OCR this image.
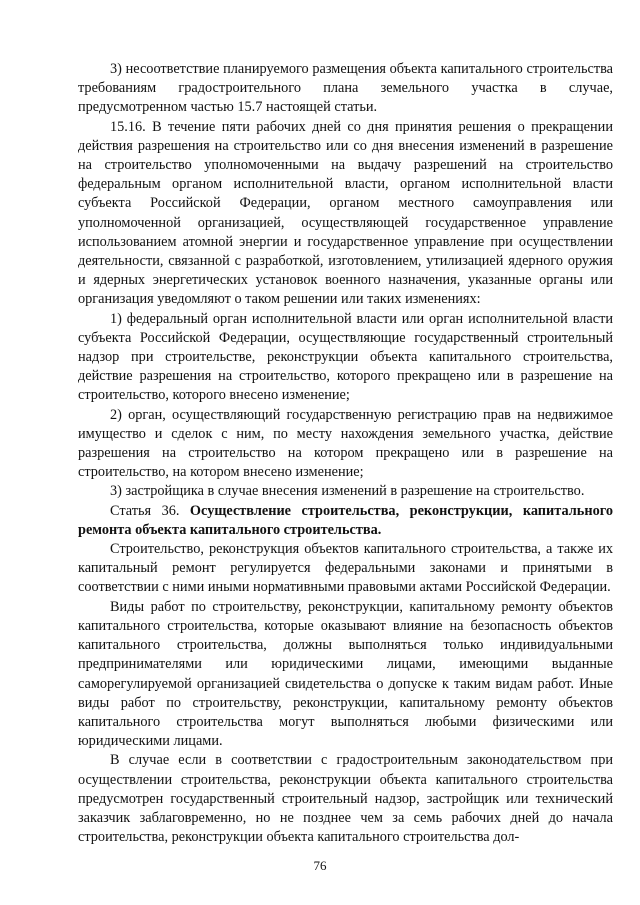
3) несоответствие планируемого размещения объекта капитального строительства требованиям градостроительного плана земельного участка в случае, предусмотренном частью 15.7 настоящей статьи.

15.16. В течение пяти рабочих дней со дня принятия решения о прекращении действия разрешения на строительство или со дня внесения изменений в разрешение на строительство уполномоченными на выдачу разрешений на строительство федеральным органом исполнительной власти, органом исполнительной власти субъекта Российской Федерации, органом местного самоуправления или уполномоченной организацией, осуществляющей государственное управление использованием атомной энергии и государственное управление при осуществлении деятельности, связанной с разработкой, изготовлением, утилизацией ядерного оружия и ядерных энергетических установок военного назначения, указанные органы или организация уведомляют о таком решении или таких изменениях:

1) федеральный орган исполнительной власти или орган исполнительной власти субъекта Российской Федерации, осуществляющие государственный строительный надзор при строительстве, реконструкции объекта капитального строительства, действие разрешения на строительство, которого прекращено или в разрешение на строительство, которого внесено изменение;

2) орган, осуществляющий государственную регистрацию прав на недвижимое имущество и сделок с ним, по месту нахождения земельного участка, действие разрешения на строительство на котором прекращено или в разрешение на строительство, на котором внесено изменение;

3) застройщика в случае внесения изменений в разрешение на строительство.

Статья 36. Осуществление строительства, реконструкции, капитального ремонта объекта капитального строительства.

Строительство, реконструкция объектов капитального строительства, а также их капитальный ремонт регулируется федеральными законами и принятыми в соответствии с ними иными нормативными правовыми актами Российской Федерации.

Виды работ по строительству, реконструкции, капитальному ремонту объектов капитального строительства, которые оказывают влияние на безопасность объектов капитального строительства, должны выполняться только индивидуальными предпринимателями или юридическими лицами, имеющими выданные саморегулируемой организацией свидетельства о допуске к таким видам работ. Иные виды работ по строительству, реконструкции, капитальному ремонту объектов капитального строительства могут выполняться любыми физическими или юридическими лицами.

В случае если в соответствии с градостроительным законодательством при осуществлении строительства, реконструкции объекта капитального строительства предусмотрен государственный строительный надзор, застройщик или технический заказчик заблаговременно, но не позднее чем за семь рабочих дней до начала строительства, реконструкции объекта капитального строительства дол-

76
